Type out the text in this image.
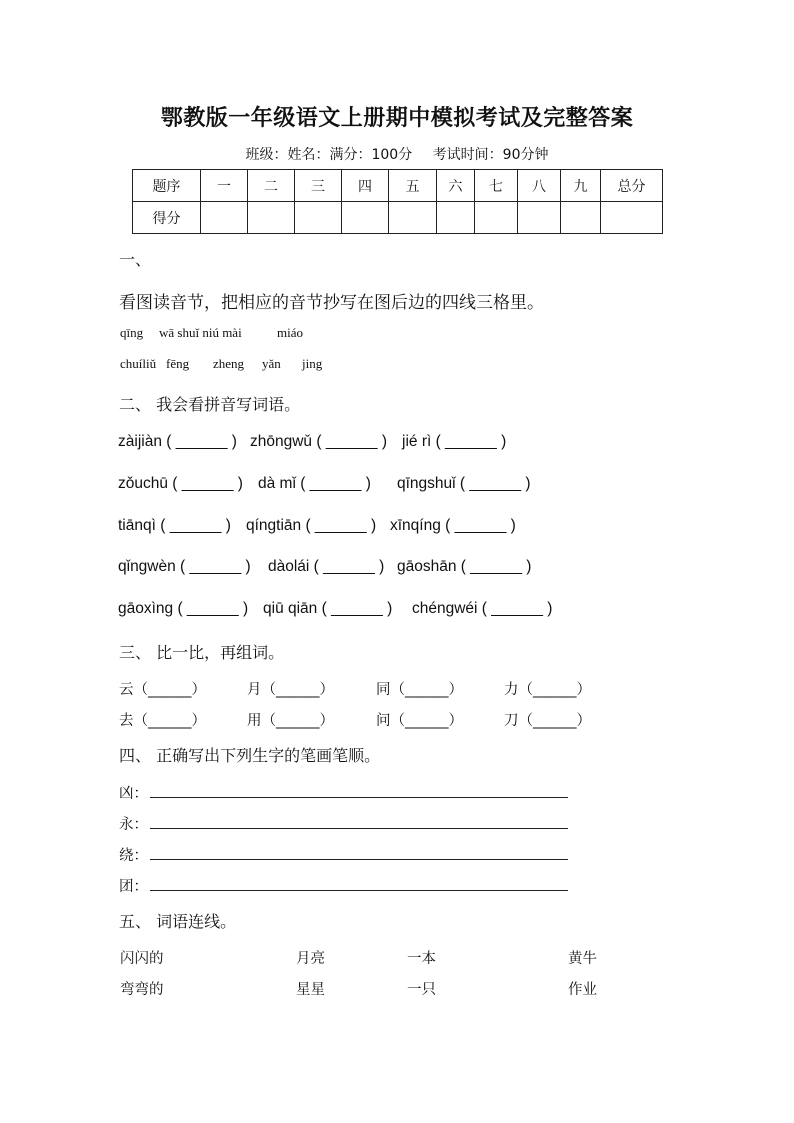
鄂教版一年级语文上册期中模拟考试及完整答案
班级：姓名：满分：100分 考试时间：90分钟
题序	一	二	三	四	五	六	七	八	九	总分
得分										
一、
看图读音节，把相应的音节抄写在图后边的四线三格里。
qīng wā shuǐ niú mài	miáo
chuíliǔ fēng zheng yǎn jing
二、 我会看拼音写词语。
zàijiàn ( ______ ) zhōngwǔ ( ______ ) jié rì ( ______ )
zǒuchū ( ______ ) dà mǐ ( ______ ) qīngshuǐ ( ______ )
tiānqì ( ______ ) qíngtiān ( ______ ) xīnqíng ( ______ )
qǐngwèn ( ______ ) dàolái ( ______ ) gāoshān ( ______ )
gāoxìng ( ______ ) qiū qiān ( ______ ) chéngwéi ( ______ )
三、 比一比，再组词。
云（______）	月（______）	同（______）	力（______）
去（______）	用（______）	问（______）	刀（______）
四、 正确写出下列生字的笔画笔顺。
凶：
永：
绕：
团：
五、 词语连线。
闪闪的	月亮	一本	黄牛
弯弯的	星星	一只	作业
